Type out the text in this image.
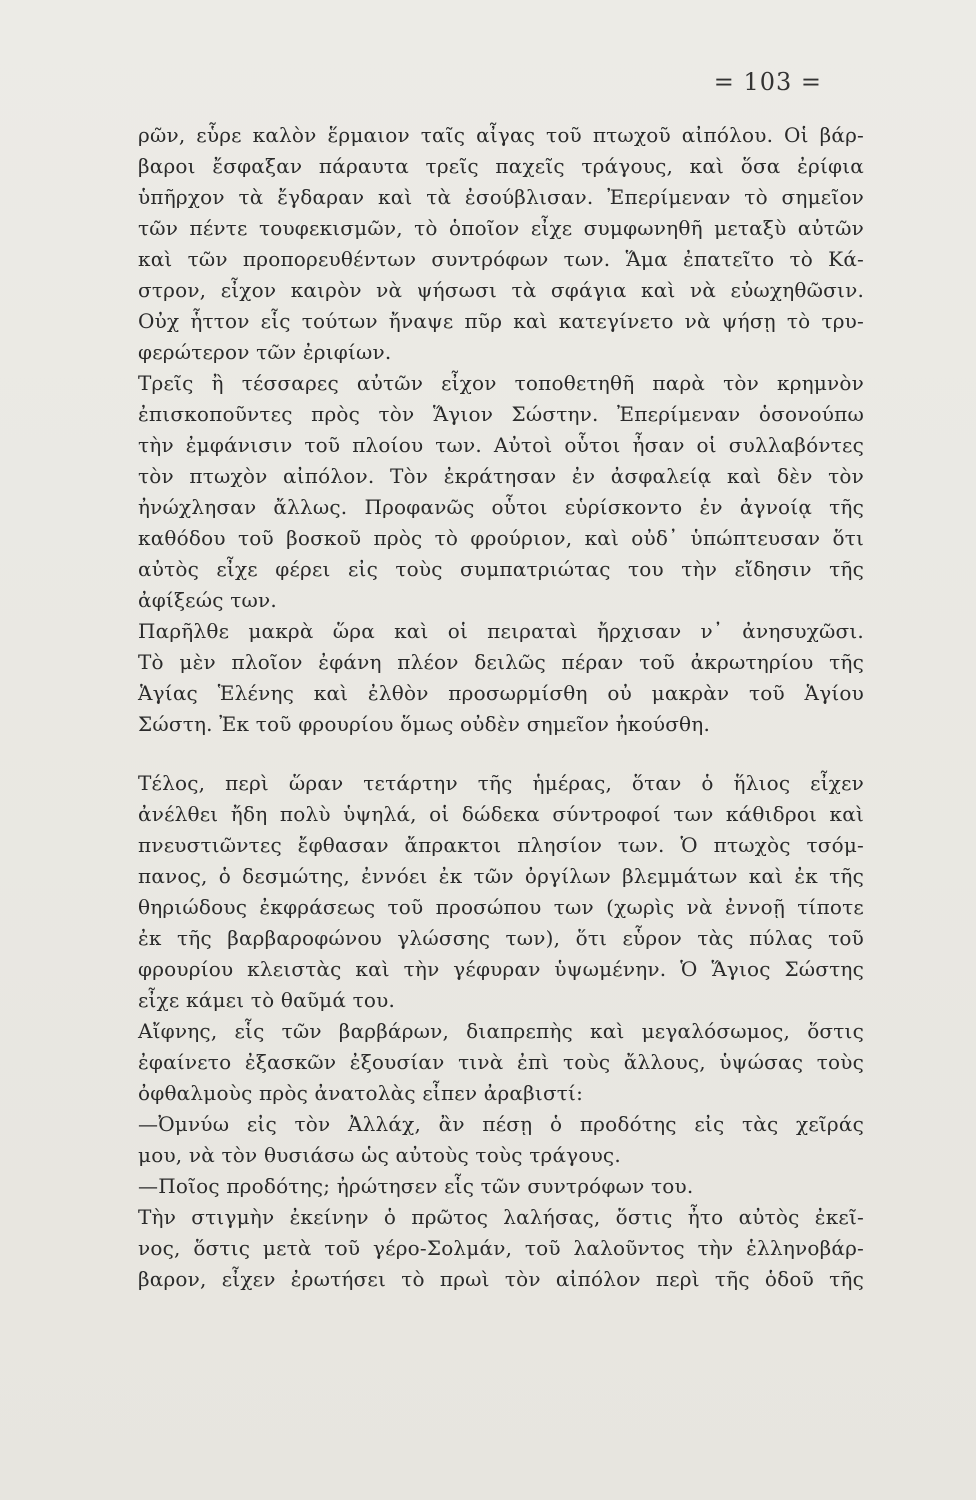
= 103 =
ρῶν, εὗρε καλὸν ἕρμαιον ταῖς αἶγας τοῦ πτωχοῦ αἰπόλου. Οἱ βάρ-
βαροι ἔσφαξαν πάραυτα τρεῖς παχεῖς τράγους, καὶ ὅσα ἐρίφια
ὑπῆρχον τὰ ἔγδαραν καὶ τὰ ἐσούβλισαν. Ἐπερίμεναν τὸ σημεῖον
τῶν πέντε τουφεκισμῶν, τὸ ὁποῖον εἶχε συμφωνηθῆ μεταξὺ αὐτῶν
καὶ τῶν προπορευθέντων συντρόφων των. Ἅμα ἐπατεῖτο τὸ Κά-
στρον, εἶχον καιρὸν νὰ ψήσωσι τὰ σφάγια καὶ νὰ εὐωχηθῶσιν.
Οὐχ ἧττον εἷς τούτων ἤναψε πῦρ καὶ κατεγίνετο νὰ ψήσῃ τὸ τρυ-
φερώτερον τῶν ἐριφίων.
Τρεῖς ἢ τέσσαρες αὐτῶν εἶχον τοποθετηθῆ παρὰ τὸν κρημνὸν
ἐπισκοποῦντες πρὸς τὸν Ἅγιον Σώστην. Ἐπερίμεναν ὁσονούπω
τὴν ἐμφάνισιν τοῦ πλοίου των. Αὐτοὶ οὗτοι ἦσαν οἱ συλλαβόντες
τὸν πτωχὸν αἰπόλον. Τὸν ἐκράτησαν ἐν ἀσφαλείᾳ καὶ δὲν τὸν
ἠνώχλησαν ἄλλως. Προφανῶς οὗτοι εὑρίσκοντο ἐν ἀγνοίᾳ τῆς
καθόδου τοῦ βοσκοῦ πρὸς τὸ φρούριον, καὶ οὐδ᾽ ὑπώπτευσαν ὅτι
αὐτὸς εἶχε φέρει εἰς τοὺς συμπατριώτας του τὴν εἴδησιν τῆς
ἀφίξεώς των.
Παρῆλθε μακρὰ ὥρα καὶ οἱ πειραταὶ ἤρχισαν ν᾽ ἀνησυχῶσι.
Τὸ μὲν πλοῖον ἐφάνη πλέον δειλῶς πέραν τοῦ ἀκρωτηρίου τῆς
Ἁγίας Ἑλένης καὶ ἐλθὸν προσωρμίσθη οὐ μακρὰν τοῦ Ἁγίου
Σώστη. Ἐκ τοῦ φρουρίου ὅμως οὐδὲν σημεῖον ἠκούσθη.
Τέλος, περὶ ὥραν τετάρτην τῆς ἡμέρας, ὅταν ὁ ἥλιος εἶχεν
ἀνέλθει ἤδη πολὺ ὑψηλά, οἱ δώδεκα σύντροφοί των κάθιδροι καὶ
πνευστιῶντες ἔφθασαν ἄπρακτοι πλησίον των. Ὁ πτωχὸς τσόμ-
πανος, ὁ δεσμώτης, ἐννόει ἐκ τῶν ὀργίλων βλεμμάτων καὶ ἐκ τῆς
θηριώδους ἐκφράσεως τοῦ προσώπου των (χωρὶς νὰ ἐννοῇ τίποτε
ἐκ τῆς βαρβαροφώνου γλώσσης των), ὅτι εὗρον τὰς πύλας τοῦ
φρουρίου κλειστὰς καὶ τὴν γέφυραν ὑψωμένην. Ὁ Ἅγιος Σώστης
εἶχε κάμει τὸ θαῦμά του.
Αἴφνης, εἷς τῶν βαρβάρων, διαπρεπὴς καὶ μεγαλόσωμος, ὅστις
ἐφαίνετο ἐξασκῶν ἐξουσίαν τινὰ ἐπὶ τοὺς ἄλλους, ὑψώσας τοὺς
ὀφθαλμοὺς πρὸς ἀνατολὰς εἶπεν ἀραβιστί:
—Ὀμνύω εἰς τὸν Ἀλλάχ, ἂν πέσῃ ὁ προδότης εἰς τὰς χεῖράς
μου, νὰ τὸν θυσιάσω ὡς αὐτοὺς τοὺς τράγους.
—Ποῖος προδότης; ἠρώτησεν εἷς τῶν συντρόφων του.
Τὴν στιγμὴν ἐκείνην ὁ πρῶτος λαλήσας, ὅστις ἦτο αὐτὸς ἐκεῖ-
νος, ὅστις μετὰ τοῦ γέρο-Σολμάν, τοῦ λαλοῦντος τὴν ἑλληνοβάρ-
βαρον, εἶχεν ἐρωτήσει τὸ πρωὶ τὸν αἰπόλον περὶ τῆς ὁδοῦ τῆς
